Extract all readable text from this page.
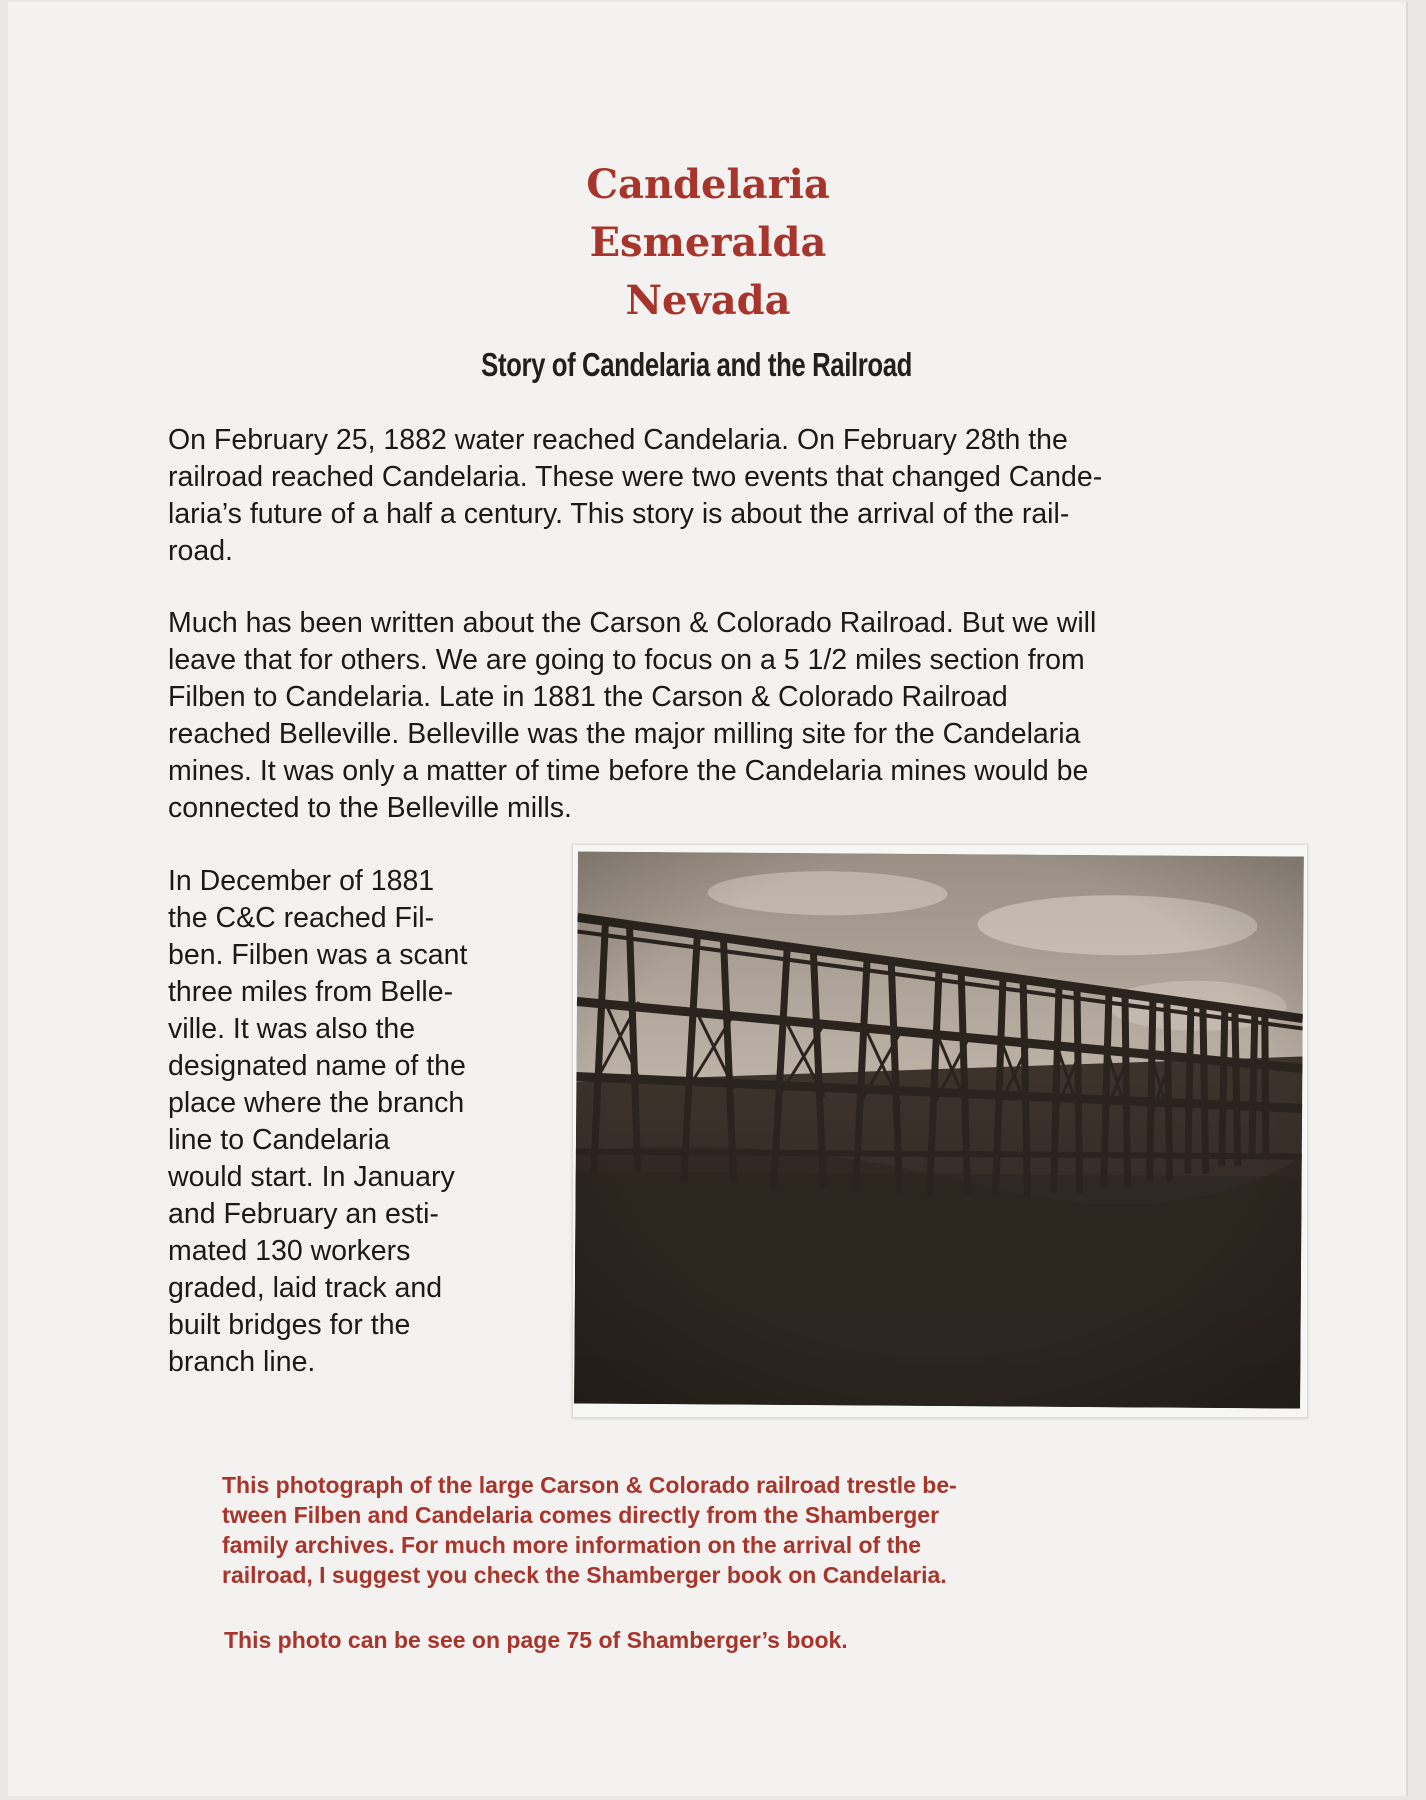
Candelaria
Esmeralda
Nevada
Story of Candelaria and the Railroad

On February 25, 1882 water reached Candelaria. On February 28th the
railroad reached Candelaria. These were two events that changed Cande-
laria’s future of a half a century. This story is about the arrival of the rail-
road.

Much has been written about the Carson & Colorado Railroad. But we will
leave that for others. We are going to focus on a 5 1/2 miles section from
Filben to Candelaria. Late in 1881 the Carson & Colorado Railroad
reached Belleville. Belleville was the major milling site for the Candelaria
mines. It was only a matter of time before the Candelaria mines would be
connected to the Belleville mills.

In December of 1881
the C&C reached Fil-
ben. Filben was a scant
three miles from Belle-
ville. It was also the
designated name of the
place where the branch
line to Candelaria
would start. In January
and February an esti-
mated 130 workers
graded, laid track and
built bridges for the
branch line.

This photograph of the large Carson & Colorado railroad trestle be-
tween Filben and Candelaria comes directly from the Shamberger
family archives. For much more information on the arrival of the
railroad, I suggest you check the Shamberger book on Candelaria.

This photo can be see on page 75 of Shamberger’s book.
